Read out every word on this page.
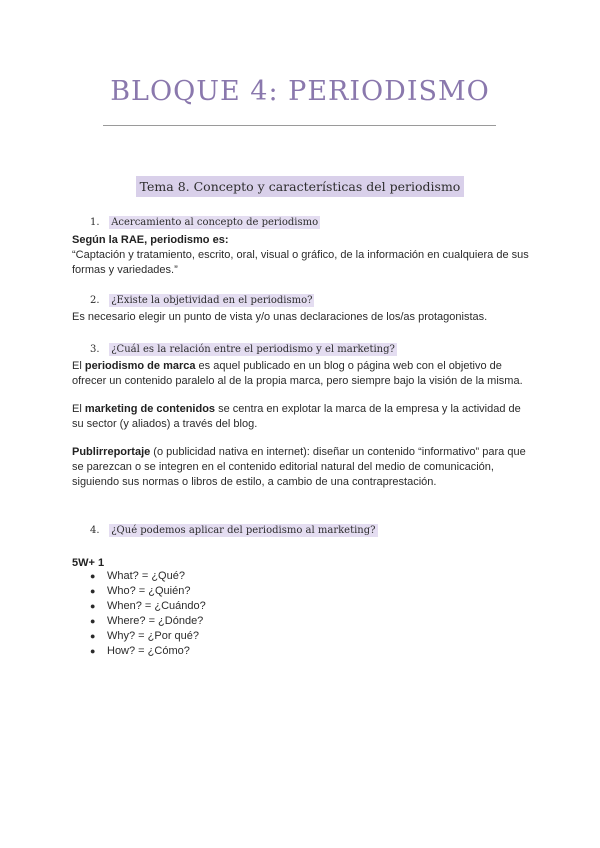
BLOQUE 4: PERIODISMO
Tema 8. Concepto y características del periodismo
1. Acercamiento al concepto de periodismo
Según la RAE, periodismo es:
“Captación y tratamiento, escrito, oral, visual o gráfico, de la información en cualquiera de sus formas y variedades.”
2. ¿Existe la objetividad en el periodismo?
Es necesario elegir un punto de vista y/o unas declaraciones de los/as protagonistas.
3. ¿Cuál es la relación entre el periodismo y el marketing?
El periodismo de marca es aquel publicado en un blog o página web con el objetivo de ofrecer un contenido paralelo al de la propia marca, pero siempre bajo la visión de la misma.
El marketing de contenidos se centra en explotar la marca de la empresa y la actividad de su sector (y aliados) a través del blog.
Publirreportaje (o publicidad nativa en internet): diseñar un contenido “informativo” para que se parezcan o se integren en el contenido editorial natural del medio de comunicación, siguiendo sus normas o libros de estilo, a cambio de una contraprestación.
4. ¿Qué podemos aplicar del periodismo al marketing?
5W+ 1
● What? = ¿Qué?
● Who? = ¿Quién?
● When? = ¿Cuándo?
● Where? = ¿Dónde?
● Why? = ¿Por qué?
● How? = ¿Cómo?
